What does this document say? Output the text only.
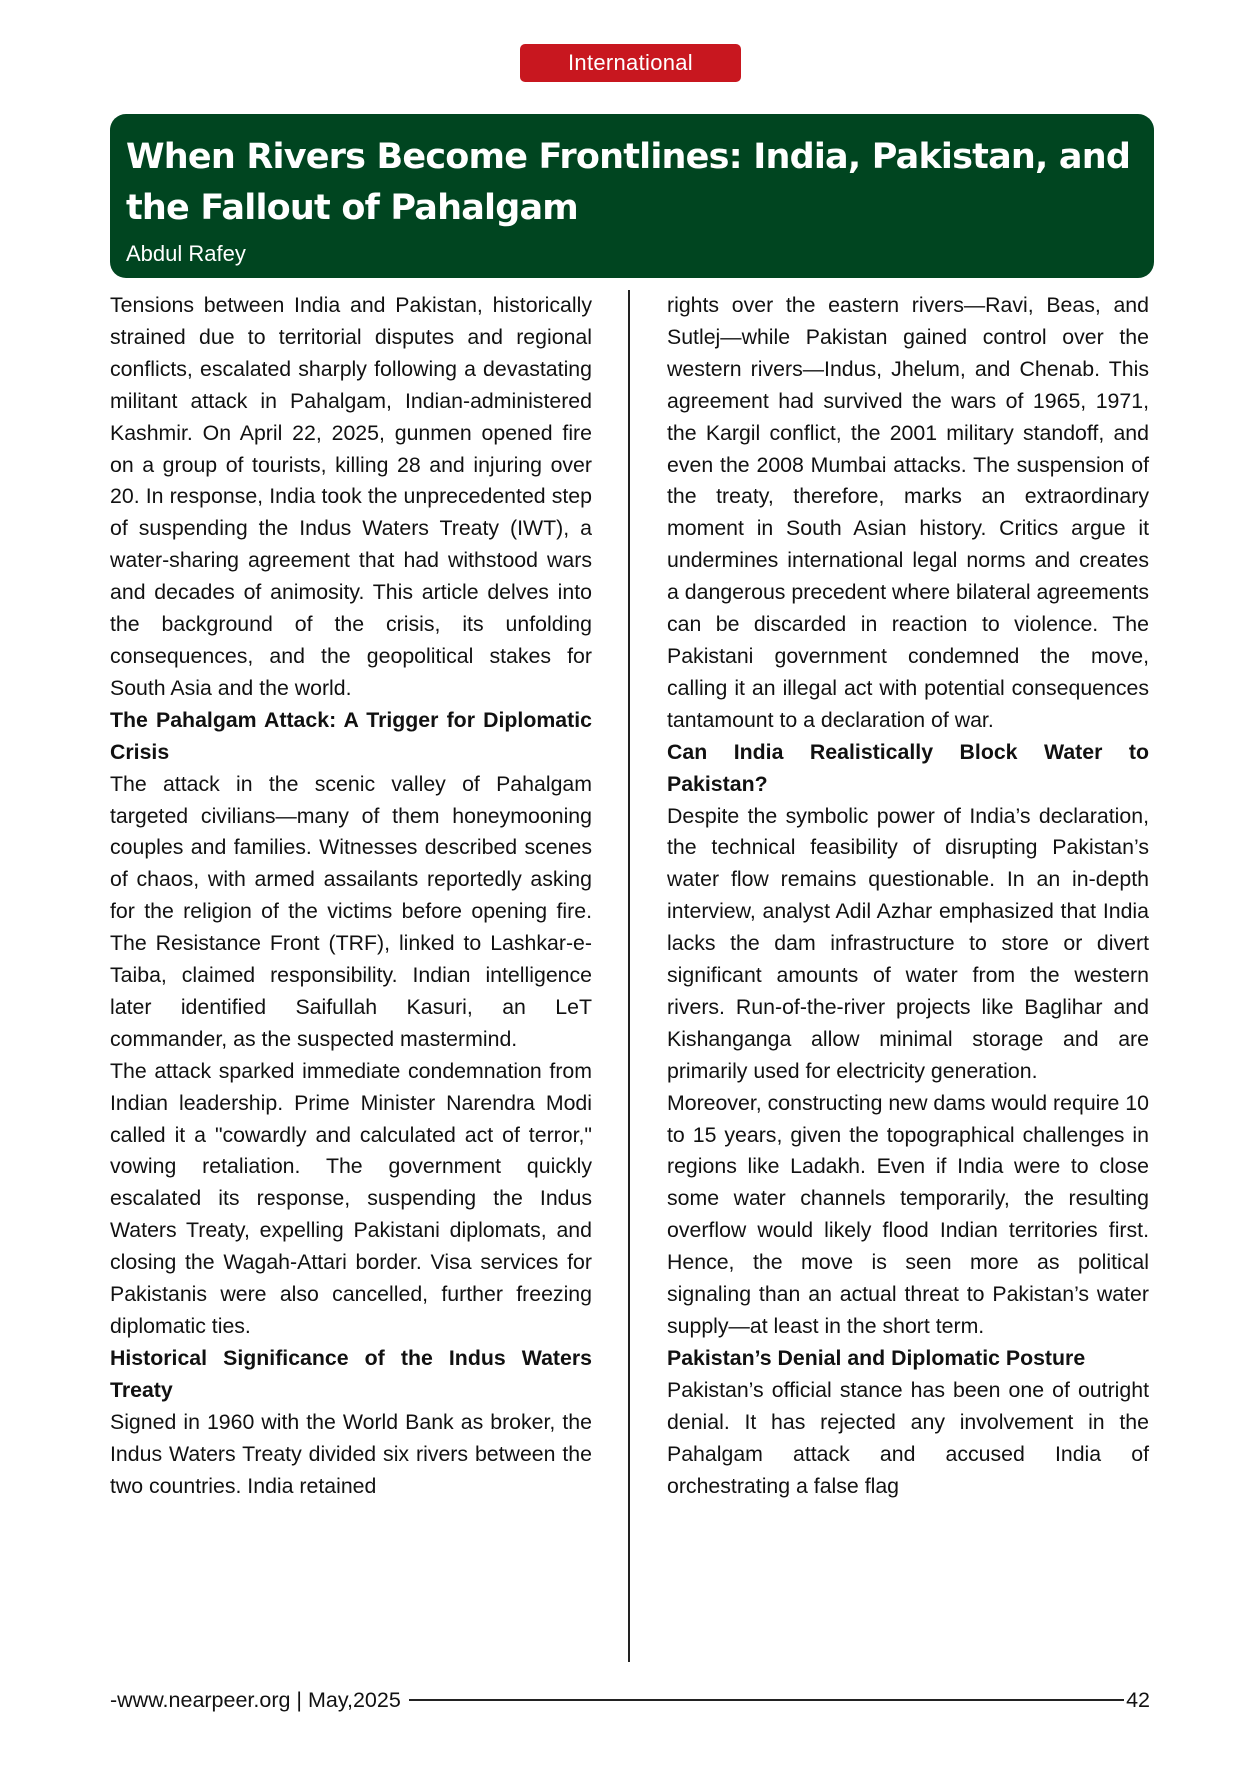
International
When Rivers Become Frontlines: India, Pakistan, and the Fallout of Pahalgam
Abdul Rafey

Tensions between India and Pakistan, historically strained due to territorial disputes and regional conflicts, escalated sharply following a devastating militant attack in Pahalgam, Indian-administered Kashmir. On April 22, 2025, gunmen opened fire on a group of tourists, killing 28 and injuring over 20. In response, India took the unprecedented step of suspending the Indus Waters Treaty (IWT), a water-sharing agreement that had withstood wars and decades of animosity. This article delves into the background of the crisis, its unfolding consequences, and the geopolitical stakes for South Asia and the world.

The Pahalgam Attack: A Trigger for Diplomatic Crisis

The attack in the scenic valley of Pahalgam targeted civilians—many of them honeymooning couples and families. Witnesses described scenes of chaos, with armed assailants reportedly asking for the religion of the victims before opening fire. The Resistance Front (TRF), linked to Lashkar-e-Taiba, claimed responsibility. Indian intelligence later identified Saifullah Kasuri, an LeT commander, as the suspected mastermind.

The attack sparked immediate condemnation from Indian leadership. Prime Minister Narendra Modi called it a "cowardly and calculated act of terror," vowing retaliation. The government quickly escalated its response, suspending the Indus Waters Treaty, expelling Pakistani diplomats, and closing the Wagah-Attari border. Visa services for Pakistanis were also cancelled, further freezing diplomatic ties.

Historical Significance of the Indus Waters Treaty

Signed in 1960 with the World Bank as broker, the Indus Waters Treaty divided six rivers between the two countries. India retained

rights over the eastern rivers—Ravi, Beas, and Sutlej—while Pakistan gained control over the western rivers—Indus, Jhelum, and Chenab. This agreement had survived the wars of 1965, 1971, the Kargil conflict, the 2001 military standoff, and even the 2008 Mumbai attacks. The suspension of the treaty, therefore, marks an extraordinary moment in South Asian history. Critics argue it undermines international legal norms and creates a dangerous precedent where bilateral agreements can be discarded in reaction to violence. The Pakistani government condemned the move, calling it an illegal act with potential consequences tantamount to a declaration of war.

Can India Realistically Block Water to Pakistan?

Despite the symbolic power of India’s declaration, the technical feasibility of disrupting Pakistan’s water flow remains questionable. In an in-depth interview, analyst Adil Azhar emphasized that India lacks the dam infrastructure to store or divert significant amounts of water from the western rivers. Run-of-the-river projects like Baglihar and Kishanganga allow minimal storage and are primarily used for electricity generation.

Moreover, constructing new dams would require 10 to 15 years, given the topographical challenges in regions like Ladakh. Even if India were to close some water channels temporarily, the resulting overflow would likely flood Indian territories first. Hence, the move is seen more as political signaling than an actual threat to Pakistan’s water supply—at least in the short term.

Pakistan’s Denial and Diplomatic Posture

Pakistan’s official stance has been one of outright denial. It has rejected any involvement in the Pahalgam attack and accused India of orchestrating a false flag

-www.nearpeer.org | May,2025	42
